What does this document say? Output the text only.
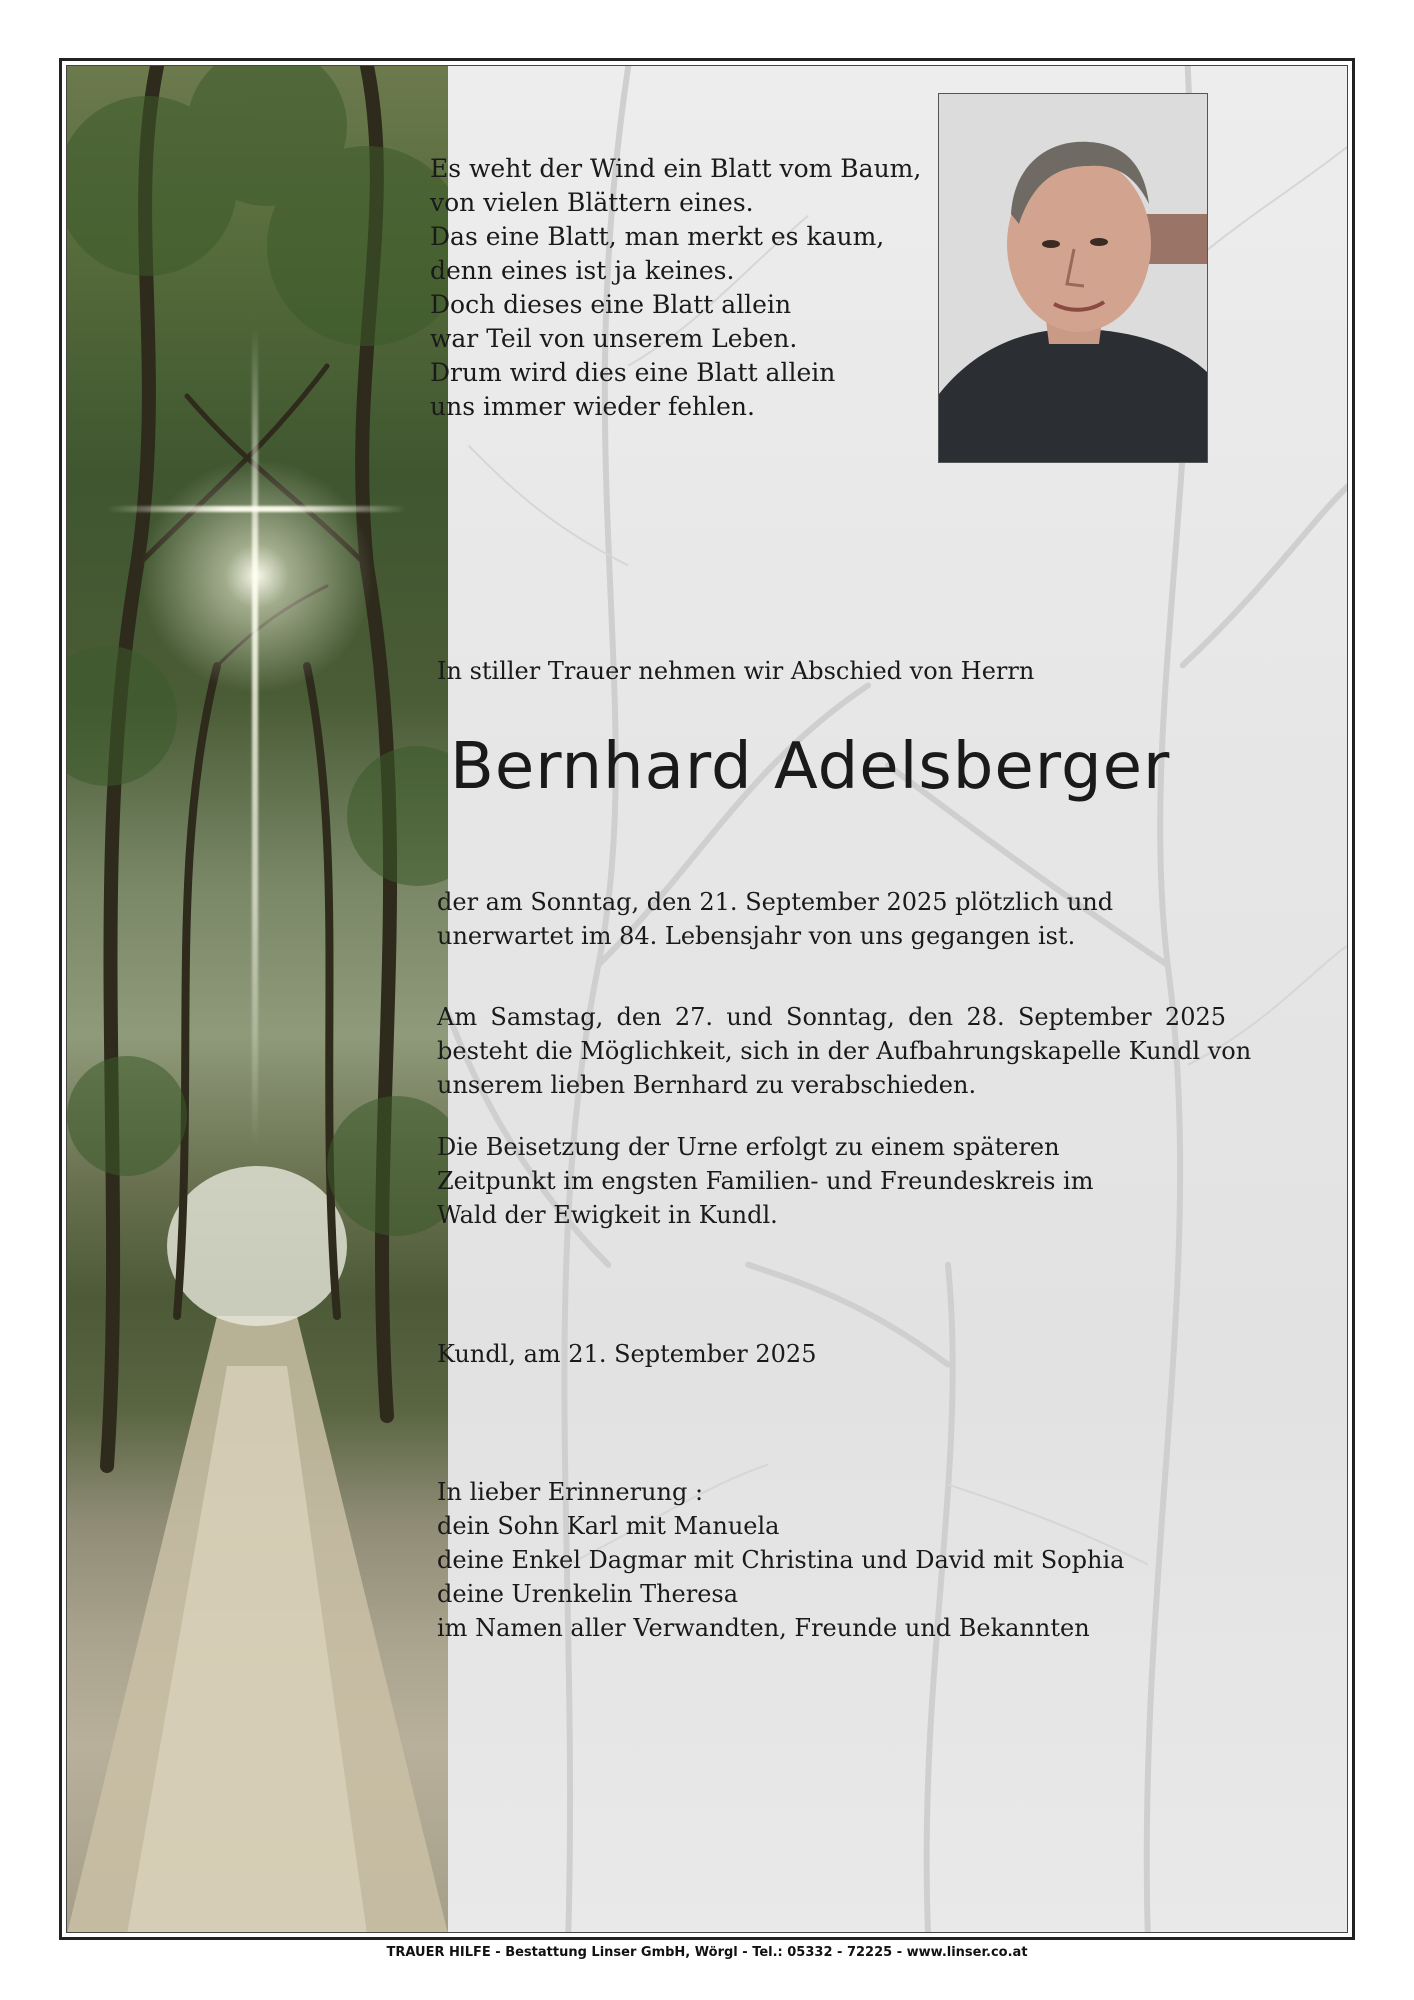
Es weht der Wind ein Blatt vom Baum,
von vielen Blättern eines.
Das eine Blatt, man merkt es kaum,
denn eines ist ja keines.
Doch dieses eine Blatt allein
war Teil von unserem Leben.
Drum wird dies eine Blatt allein
uns immer wieder fehlen.
In stiller Trauer nehmen wir Abschied von Herrn
Bernhard Adelsberger
der am Sonntag, den 21. September 2025 plötzlich und
unerwartet im 84. Lebensjahr von uns gegangen ist.
Am Samstag, den 27. und Sonntag, den 28. September 2025
besteht die Möglichkeit, sich in der Aufbahrungskapelle Kundl von
unserem lieben Bernhard zu verabschieden.
Die Beisetzung der Urne erfolgt zu einem späteren
Zeitpunkt im engsten Familien- und Freundeskreis im
Wald der Ewigkeit in Kundl.
Kundl, am 21. September 2025
In lieber Erinnerung :
dein Sohn Karl mit Manuela
deine Enkel Dagmar mit Christina und David mit Sophia
deine Urenkelin Theresa
im Namen aller Verwandten, Freunde und Bekannten
TRAUER HILFE - Bestattung Linser GmbH, Wörgl - Tel.: 05332 - 72225 - www.linser.co.at
